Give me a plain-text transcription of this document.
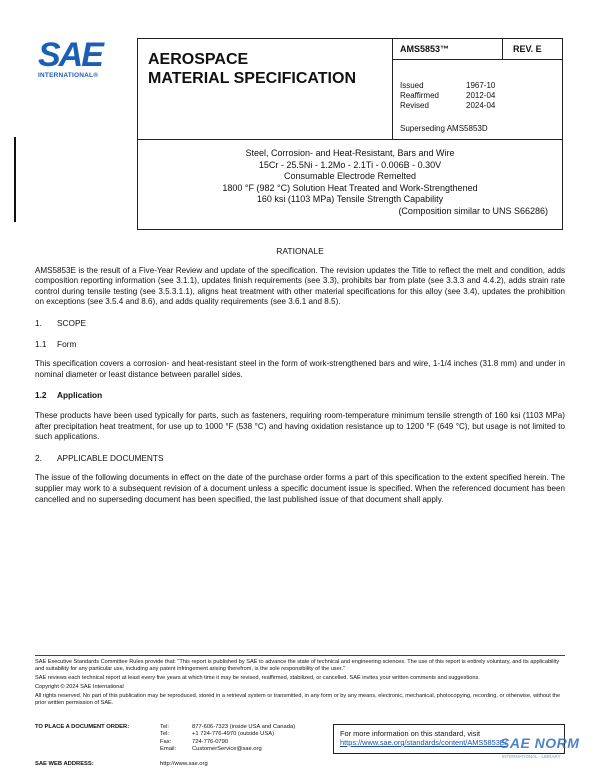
SAE
INTERNATIONAL®
AEROSPACE
MATERIAL SPECIFICATION
AMS5853™	REV. E
Issued	1967-10
Reaffirmed	2012-04
Revised	2024-04
Superseding AMS5853D
Steel, Corrosion- and Heat-Resistant, Bars and Wire
15Cr - 25.5Ni - 1.2Mo - 2.1Ti - 0.006B - 0.30V
Consumable Electrode Remelted
1800 °F (982 °C) Solution Heat Treated and Work-Strengthened
160 ksi (1103 MPa) Tensile Strength Capability
(Composition similar to UNS S66286)
RATIONALE

AMS5853E is the result of a Five-Year Review and update of the specification. The revision updates the Title to reflect the melt and condition, adds composition reporting information (see 3.1.1), updates finish requirements (see 3.3), prohibits bar from plate (see 3.3.3 and 4.4.2), adds strain rate control during tensile testing (see 3.5.3.1.1), aligns heat treatment with other material specifications for this alloy (see 3.4), updates the prohibition on exceptions (see 3.5.4 and 8.6), and adds quality requirements (see 3.6.1 and 8.5).

1. SCOPE
1.1 Form

This specification covers a corrosion- and heat-resistant steel in the form of work-strengthened bars and wire, 1-1/4 inches (31.8 mm) and under in nominal diameter or least distance between parallel sides.

1.2 Application

These products have been used typically for parts, such as fasteners, requiring room-temperature minimum tensile strength of 160 ksi (1103 MPa) after precipitation heat treatment, for use up to 1000 °F (538 °C) and having oxidation resistance up to 1200 °F (649 °C), but usage is not limited to such applications.

2. APPLICABLE DOCUMENTS

The issue of the following documents in effect on the date of the purchase order forms a part of this specification to the extent specified herein. The supplier may work to a subsequent revision of a document unless a specific document issue is specified. When the referenced document has been cancelled and no superseding document has been specified, the last published issue of that document shall apply.

SAE Executive Standards Committee Rules provide that: "This report is published by SAE to advance the state of technical and engineering sciences. The use of this report is entirely voluntary, and its applicability and suitability for any particular use, including any patent infringement arising therefrom, is the sole responsibility of the user."

SAE reviews each technical report at least every five years at which time it may be revised, reaffirmed, stabilized, or cancelled. SAE invites your written comments and suggestions.

Copyright © 2024 SAE International

All rights reserved. No part of this publication may be reproduced, stored in a retrieval system or transmitted, in any form or by any means, electronic, mechanical, photocopying, recording, or otherwise, without the prior written permission of SAE.

TO PLACE A DOCUMENT ORDER:	Tel:	877-606-7323 (inside USA and Canada)
Tel:	+1 724-776-4970 (outside USA)
Fax:	724-776-0790
Email:	CustomerService@sae.org
SAE WEB ADDRESS:	http://www.sae.org
For more information on this standard, visit
https://www.sae.org/standards/content/AMS5853E/
SAE NORM
INTERNATIONAL · LIBRARY
